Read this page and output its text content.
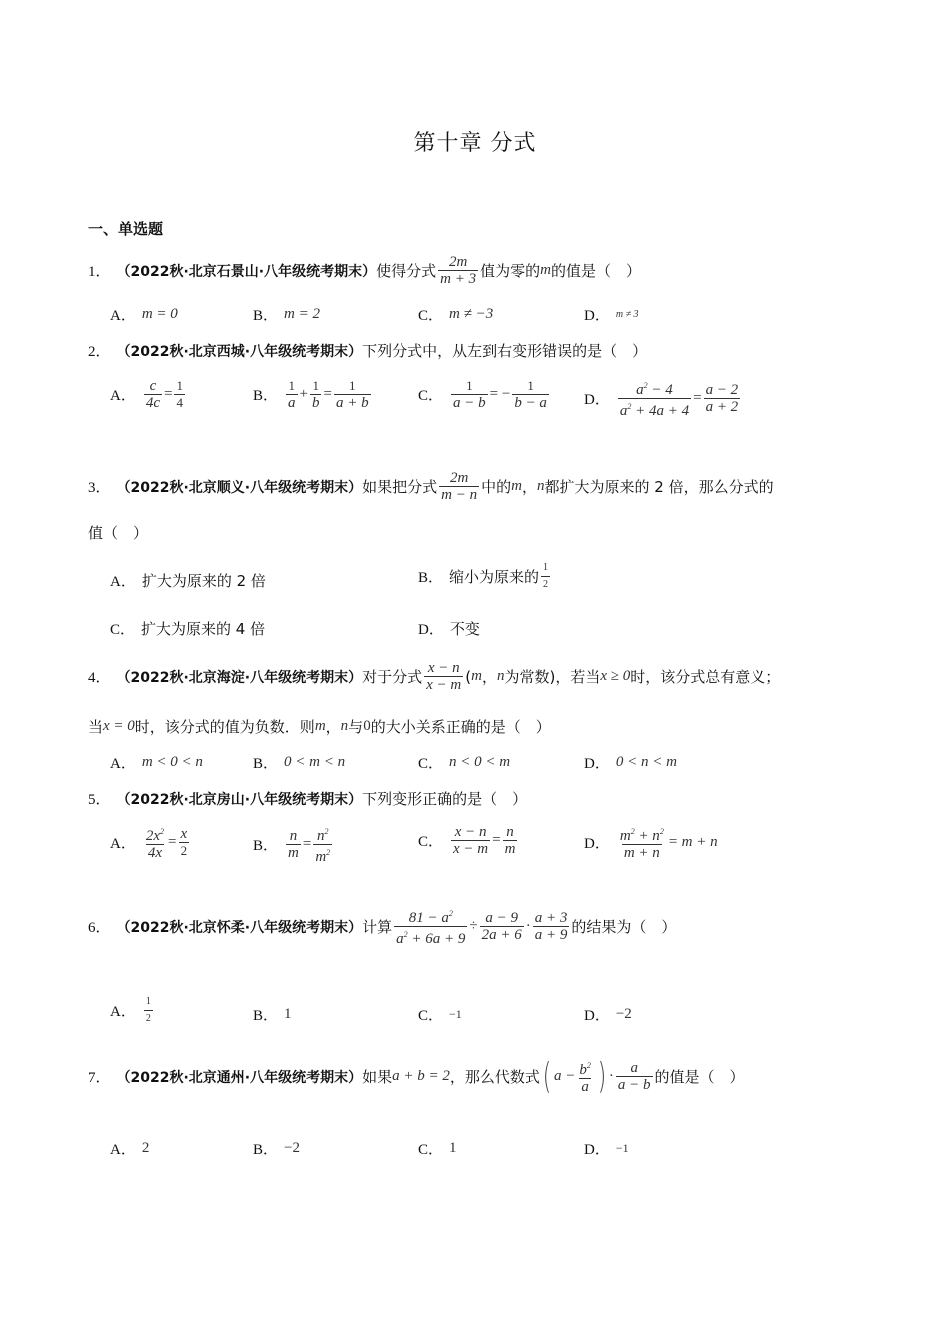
第十章 分式
一、单选题
1． （2022秋·北京石景山·八年级统考期末） 使得分式 $\frac{2m}{m + 3}$ 值为零的 m 的值是（　）
A． m = 0	B． m = 2	C． m ≠ −3	D． m ≠ 3
2． （2022秋·北京西城·八年级统考期末） 下列分式中，从左到右变形错误的是（　）
A． $\frac{c}{4c} = \frac{1}{4}$	B． $\frac{1}{a} + \frac{1}{b} = \frac{1}{a + b}$	C． $\frac{1}{a - b}$ = − $\frac{1}{b - a}$ D． $\frac{a^2 - 4}{a^2 + 4a + 4} = \frac{a - 2}{a + 2}$
3． （2022秋·北京顺义·八年级统考期末） 如果把分式 $\frac{2m}{m - n}$ 中的 m ， n 都扩大为原来的 2 倍，那么分式的
值（　）
A． 扩大为原来的 2 倍	B． 缩小为原来的 $\frac{1}{2}$
C． 扩大为原来的 4 倍	D． 不变
4． （2022秋·北京海淀·八年级统考期末） 对于分式 $\frac{x - n}{x - m}$ ( m ， n 为常数)，若当 x ≥ 0 时，该分式总有意义；
当 x = 0 时，该分式的值为负数．则 m ， n 与 0 的大小关系正确的是（　）
A． m < 0 < n	B． 0 < m < n	C． n < 0 < m	D． 0 < n < m
5． （2022秋·北京房山·八年级统考期末） 下列变形正确的是（　）
A． $\frac{2x^2}{4x} = \frac{x}{2}$	B． $\frac{n}{m} = \frac{n^2}{m^2}$	C． $\frac{x - n}{x - m} = \frac{n}{m}$	D． $\frac{m^2 + n^2}{m + n} = m + n$
6． （2022秋·北京怀柔·八年级统考期末） 计算 $\frac{81 - a^2}{a^2 + 6a + 9} \div \frac{a - 9}{2a + 6} \cdot \frac{a + 3}{a + 9}$ 的结果为（　）
A． $\frac{1}{2}$	B． 1	C． −1	D． −2
7． （2022秋·北京通州·八年级统考期末） 如果 a + b = 2 ，那么代数式 ( $a - \frac{b^2}{a}$ ) · $\frac{a}{a - b}$ 的值是（　）
A． 2	B． −2	C． 1	D． −1
